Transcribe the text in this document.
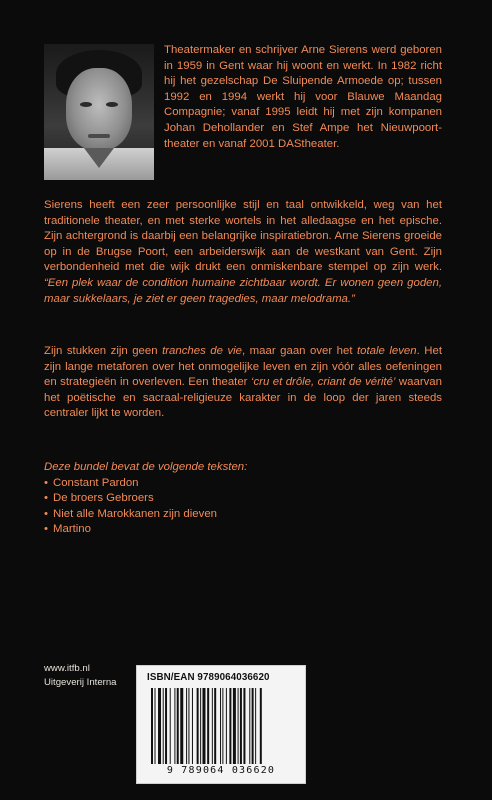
Theatermaker en schrijver Arne Sierens werd geboren in 1959 in Gent waar hij woont en werkt. In 1982 richt hij het gezelschap De Sluipende Armoede op; tussen 1992 en 1994 werkt hij voor Blauwe Maandag Compagnie; vanaf 1995 leidt hij met zijn kompanen Johan Dehollander en Stef Ampe het Nieuwpoort-theater en vanaf 2001 DAStheater.

Sierens heeft een zeer persoonlijke stijl en taal ontwikkeld, weg van het traditionele theater, en met sterke wortels in het alledaagse en het epische. Zijn achtergrond is daarbij een belangrijke inspiratiebron. Arne Sierens groeide op in de Brugse Poort, een arbeiderswijk aan de westkant van Gent. Zijn verbondenheid met die wijk drukt een onmiskenbare stempel op zijn werk. “Een plek waar de condition humaine zichtbaar wordt. Er wonen geen goden, maar sukkelaars, je ziet er geen tragedies, maar melodrama.”

Zijn stukken zijn geen tranches de vie, maar gaan over het totale leven. Het zijn lange metaforen over het onmogelijke leven en zijn vóór alles oefeningen en strategieën in overleven. Een theater ‘cru et drôle, criant de vérité’ waarvan het poëtische en sacraal-religieuze karakter in de loop der jaren steeds centraler lijkt te worden.

Deze bundel bevat de volgende teksten:
• Constant Pardon
• De broers Gebroers
• Niet alle Marokkanen zijn dieven
• Martino
www.itfb.nl
Uitgeverij Interna	ISBN/EAN 9789064036620
9 789064 036620
